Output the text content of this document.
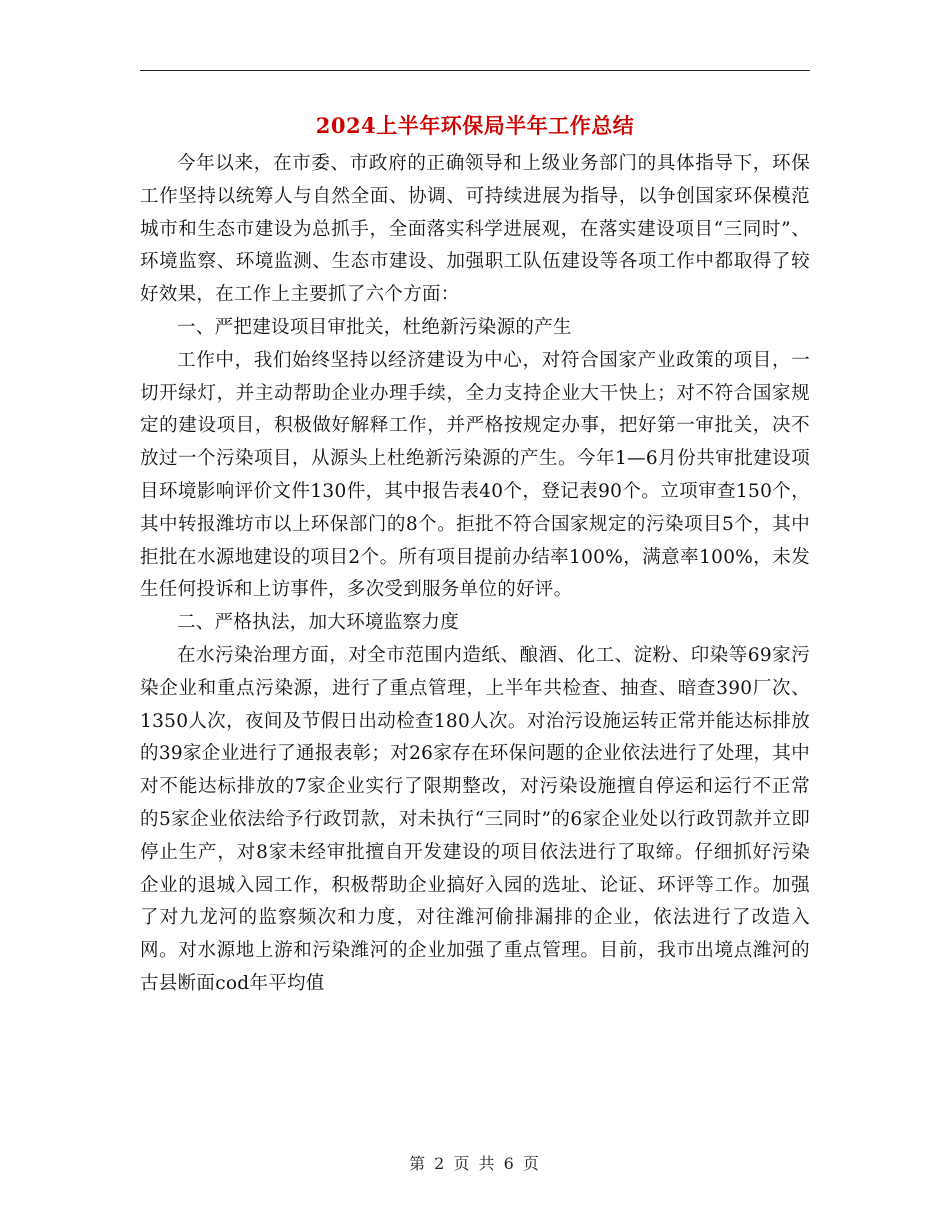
2024上半年环保局半年工作总结

今年以来，在市委、市政府的正确领导和上级业务部门的具体指导下，环保工作坚持以统筹人与自然全面、协调、可持续进展为指导，以争创国家环保模范城市和生态市建设为总抓手，全面落实科学进展观，在落实建设项目“三同时”、环境监察、环境监测、生态市建设、加强职工队伍建设等各项工作中都取得了较好效果，在工作上主要抓了六个方面：

一、严把建设项目审批关，杜绝新污染源的产生

工作中，我们始终坚持以经济建设为中心，对符合国家产业政策的项目，一切开绿灯，并主动帮助企业办理手续，全力支持企业大干快上；对不符合国家规定的建设项目，积极做好解释工作，并严格按规定办事，把好第一审批关，决不放过一个污染项目，从源头上杜绝新污染源的产生。今年1—6月份共审批建设项目环境影响评价文件130件，其中报告表40个，登记表90个。立项审查150个，其中转报潍坊市以上环保部门的8个。拒批不符合国家规定的污染项目5个，其中拒批在水源地建设的项目2个。所有项目提前办结率100%，满意率100%，未发生任何投诉和上访事件，多次受到服务单位的好评。

二、严格执法，加大环境监察力度

在水污染治理方面，对全市范围内造纸、酿酒、化工、淀粉、印染等69家污染企业和重点污染源，进行了重点管理，上半年共检查、抽查、暗查390厂次、1350人次，夜间及节假日出动检查180人次。对治污设施运转正常并能达标排放的39家企业进行了通报表彰；对26家存在环保问题的企业依法进行了处理，其中对不能达标排放的7家企业实行了限期整改，对污染设施擅自停运和运行不正常的5家企业依法给予行政罚款，对未执行“三同时”的6家企业处以行政罚款并立即停止生产，对8家未经审批擅自开发建设的项目依法进行了取缔。仔细抓好污染企业的退城入园工作，积极帮助企业搞好入园的选址、论证、环评等工作。加强了对九龙河的监察频次和力度，对往潍河偷排漏排的企业，依法进行了改造入网。对水源地上游和污染潍河的企业加强了重点管理。目前，我市出境点潍河的古县断面cod年平均值

第 2 页 共 6 页
